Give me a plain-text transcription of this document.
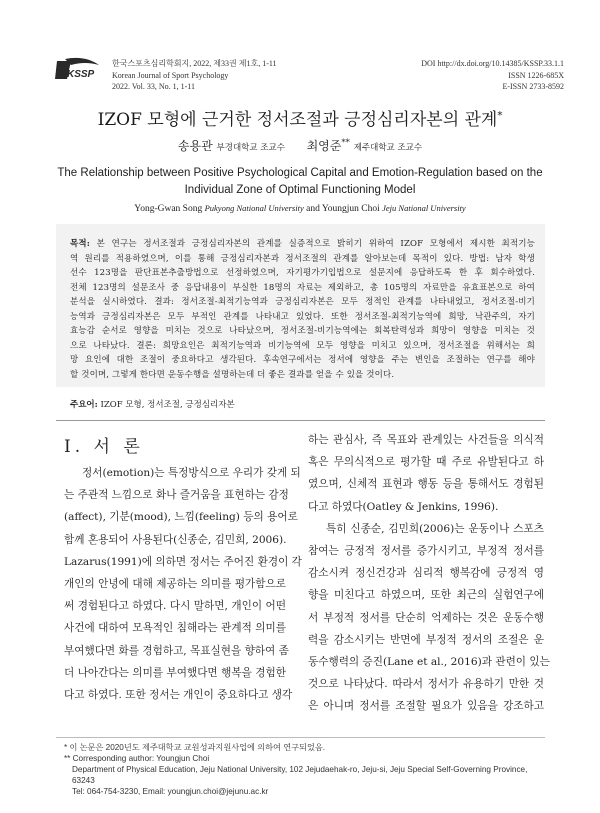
KSSP
한국스포츠심리학회지, 2022, 제33권 제1호, 1-11
Korean Journal of Sport Psychology
2022. Vol. 33, No. 1, 1-11
DOI http://dx.doi.org/10.14385/KSSP.33.1.1
ISSN 1226-685X
E-ISSN 2733-8592
IZOF 모형에 근거한 정서조절과 긍정심리자본의 관계*
송용관 부경대학교 조교수 최영준** 제주대학교 조교수
The Relationship between Positive Psychological Capital and Emotion-Regulation based on the
Individual Zone of Optimal Functioning Model
Yong-Gwan Song Pukyong National University and Youngjun Choi Jeju National University
목적: 본 연구는 정서조절과 긍정심리자본의 관계를 실증적으로 밝히기 위하여 IZOF 모형에서 제시한 최적기능
역 원리를 적용하였으며, 이를 통해 긍정심리자본과 정서조절의 관계를 알아보는데 목적이 있다. 방법: 남자 학생
선수 123명을 판단표본추출방법으로 선정하였으며, 자기평가기입법으로 설문지에 응답하도록 한 후 회수하였다.
전체 123명의 설문조사 중 응답내용이 부실한 18명의 자료는 제외하고, 총 105명의 자료만을 유효표본으로 하여
분석을 실시하였다. 결과: 정서조절-최적기능역과 긍정심리자본은 모두 정적인 관계를 나타내었고, 정서조절-비기
능역과 긍정심리자본은 모두 부적인 관계를 나타내고 있었다. 또한 정서조절-최적기능역에 희망, 낙관주의, 자기
효능감 순서로 영향을 미치는 것으로 나타났으며, 정서조절-비기능역에는 회복탄력성과 희망이 영향을 미치는 것
으로 나타났다. 결론: 희망요인은 최적기능역과 비기능역에 모두 영향을 미치고 있으며, 정서조절을 위해서는 희
망 요인에 대한 조절이 중요하다고 생각된다. 후속연구에서는 정서에 영향을 주는 변인을 조절하는 연구를 해야
할 것이며, 그렇게 한다면 운동수행을 설명하는데 더 좋은 결과를 얻을 수 있을 것이다.
주요어: IZOF 모형, 정서조절, 긍정심리자본
I. 서 론
정서(emotion)는 특정방식으로 우리가 갖게 되
는 주관적 느낌으로 화나 즐거움을 표현하는 감정
(affect), 기분(mood), 느낌(feeling) 등의 용어로
함께 혼용되어 사용된다(신종순, 김민희, 2006).
Lazarus(1991)에 의하면 정서는 주어진 환경이 각
개인의 안녕에 대해 제공하는 의미를 평가함으로
써 경험된다고 하였다. 다시 말하면, 개인이 어떤
사건에 대하여 모욕적인 침해라는 관계적 의미를
부여했다면 화를 경험하고, 목표실현을 향하여 좀
더 나아간다는 의미를 부여했다면 행복을 경험한
다고 하였다. 또한 정서는 개인이 중요하다고 생각
하는 관심사, 즉 목표와 관계있는 사건들을 의식적
혹은 무의식적으로 평가할 때 주로 유발된다고 하
였으며, 신체적 표현과 행동 등을 통해서도 경험된
다고 하였다(Oatley & Jenkins, 1996).
특히 신종순, 김민희(2006)는 운동이나 스포츠
참여는 긍정적 정서를 증가시키고, 부정적 정서를
감소시켜 정신건강과 심리적 행복감에 긍정적 영
향을 미친다고 하였으며, 또한 최근의 실험연구에
서 부정적 정서를 단순히 억제하는 것은 운동수행
력을 감소시키는 반면에 부정적 정서의 조절은 운
동수행력의 증진(Lane et al., 2016)과 관련이 있는
것으로 나타났다. 따라서 정서가 유용하기 만한 것
은 아니며 정서를 조절할 필요가 있음을 강조하고
* 이 논문은 2020년도 제주대학교 교원성과지원사업에 의하여 연구되었음.
** Corresponding author: Youngjun Choi
Department of Physical Education, Jeju National University, 102 Jejudaehak-ro, Jeju-si, Jeju Special Self-Governing Province,
63243
Tel: 064-754-3230, Email: youngjun.choi@jejunu.ac.kr
